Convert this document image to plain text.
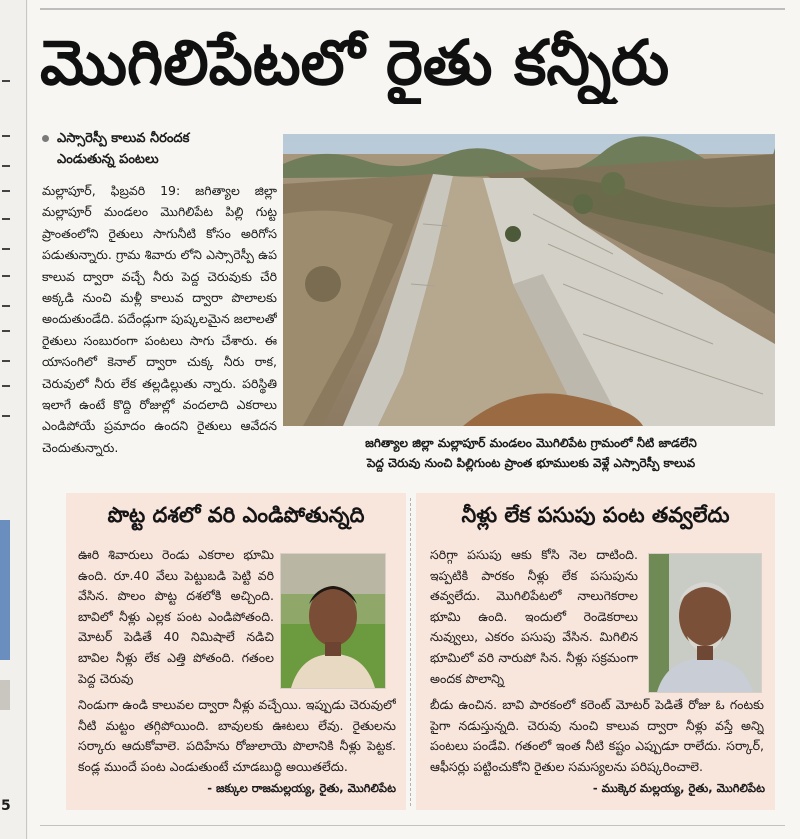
5
మొగిలిపేటలో రైతు కన్నీరు
ఎస్సారెస్పీ కాలువ నీరందక
ఎండుతున్న పంటలు
మల్లాపూర్, ఫిబ్రవరి 19: జగిత్యాల జిల్లా మల్లాపూర్ మండలం మొగిలిపేట పిల్లి గుట్ట ప్రాంతంలోని రైతులు సాగునీటి కోసం అరిగోస పడుతున్నారు. గ్రామ శివారు లోని ఎస్సారెస్పీ ఉప కాలువ ద్వారా వచ్చే నీరు పెద్ద చెరువుకు చేరి అక్కడి నుంచి మళ్లీ కాలువ ద్వారా పొలాలకు అందుతుండేది. పదేండ్లుగా పుష్కలమైన జలాలతో రైతులు సంబురంగా పంటలు సాగు చేశారు. ఈ యాసంగిలో కెనాల్ ద్వారా చుక్క నీరు రాక, చెరువులో నీరు లేక తల్లడిల్లుతు న్నారు. పరిస్థితి ఇలాగే ఉంటే కొద్ది రోజుల్లో వందలాది ఎకరాలు ఎండిపోయే ప్రమాదం ఉందని రైతులు ఆవేదన చెందుతున్నారు.	జగిత్యాల జిల్లా మల్లాపూర్ మండలం మొగిలిపేట గ్రామంలో నీటి జాడలేని
పెద్ద చెరువు నుంచి పిల్లిగుంట ప్రాంత భూములకు వెళ్లే ఎస్సారెస్పీ కాలువ
పొట్ట దశలో వరి ఎండిపోతున్నది
ఊరి శివారులు రెండు ఎకరాల భూమి ఉంది. రూ.40 వేలు పెట్టుబడి పెట్టి వరి వేసిన. పొలం పొట్ట దశలోకి అచ్చింది. బావిలో నీళ్లు ఎల్లక పంట ఎండిపోతంది. మోటర్ పెడితే 40 నిమిషాలే నడిచి బావిల నీళ్లు లేక ఎత్తి పోతంది. గతంల పెద్ద చెరువు
నిండుగా ఉండి కాలువల ద్వారా నీళ్లు వచ్చేయి. ఇప్పుడు చెరువులో నీటి మట్టం తగ్గిపోయింది. బావులకు ఊటలు లేవు. రైతులను సర్కారు ఆదుకోవాలె. పదిహేను రోజులాయె పొలానికి నీళ్లు పెట్టక. కండ్ల ముందే పంట ఎండుతుంటే చూడబుద్ధి అయితలేదు.
- జక్కుల రాజమల్లయ్య, రైతు, మొగిలిపేట
నీళ్లు లేక పసుపు పంట తవ్వలేదు
సరిగ్గా పసుపు ఆకు కోసి నెల దాటింది. ఇప్పటికి పారకం నీళ్లు లేక పసుపును తవ్వలేదు. మొగిలిపేటలో నాలుగెకరాల భూమి ఉంది. ఇందులో రెండెకరాలు నువ్వులు, ఎకరం పసుపు వేసిన. మిగిలిన భూమిలో వరి నారుపో సిన. నీళ్లు సక్రమంగా అందక పొలాన్ని
బీడు ఉంచిన. బావి పారకంలో కరెంట్ మోటర్ పెడితే రోజు ఓ గంటకు పైగా నడుస్తున్నది. చెరువు నుంచి కాలువ ద్వారా నీళ్లు వస్తే అన్ని పంటలు పండేవి. గతంలో ఇంత నీటి కష్టం ఎప్పుడూ రాలేదు. సర్కార్, ఆఫీసర్లు పట్టించుకోని రైతుల సమస్యలను పరిష్కరించాలె.
- ముక్కెర మల్లయ్య, రైతు, మొగిలిపేట
